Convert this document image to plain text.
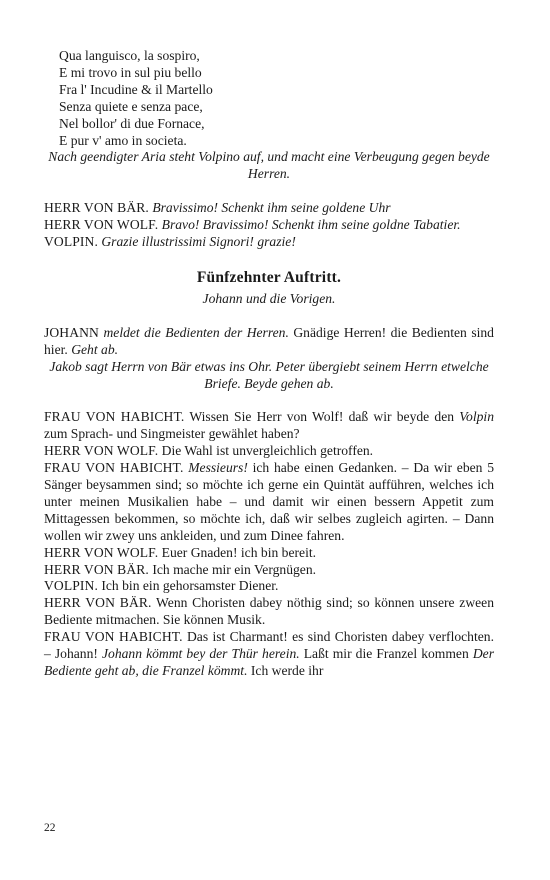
Qua languisco, la sospiro,
E mi trovo in sul piu bello
Fra l' Incudine & il Martello
Senza quiete e senza pace,
Nel bollor' di due Fornace,
E pur v' amo in societa.

Nach geendigter Aria steht Volpino auf, und macht eine Verbeugung gegen beyde Herren.

HERR VON BÄR. Bravissimo! Schenkt ihm seine goldene Uhr

HERR VON WOLF. Bravo! Bravissimo! Schenkt ihm seine goldne Tabatier.

VOLPIN. Grazie illustrissimi Signori! grazie!

Fünfzehnter Auftritt.
Johann und die Vorigen.

JOHANN meldet die Bedienten der Herren. Gnädige Herren! die Bedienten sind hier. Geht ab.

Jakob sagt Herrn von Bär etwas ins Ohr. Peter übergiebt seinem Herrn etwelche Briefe. Beyde gehen ab.

FRAU VON HABICHT. Wissen Sie Herr von Wolf! daß wir beyde den Volpin zum Sprach- und Singmeister gewählet haben?

HERR VON WOLF. Die Wahl ist unvergleichlich getroffen.

FRAU VON HABICHT. Messieurs! ich habe einen Gedanken. – Da wir eben 5 Sänger beysammen sind; so möchte ich gerne ein Quintät aufführen, welches ich unter meinen Musikalien habe – und damit wir einen bessern Appetit zum Mittagessen bekommen, so möchte ich, daß wir selbes zugleich agirten. – Dann wollen wir zwey uns ankleiden, und zum Dinee fahren.

HERR VON WOLF. Euer Gnaden! ich bin bereit.

HERR VON BÄR. Ich mache mir ein Vergnügen.

VOLPIN. Ich bin ein gehorsamster Diener.

HERR VON BÄR. Wenn Choristen dabey nöthig sind; so können unsere zween Bediente mitmachen. Sie können Musik.

FRAU VON HABICHT. Das ist Charmant! es sind Choristen dabey verflochten. – Johann! Johann kömmt bey der Thür herein. Laßt mir die Franzel kommen Der Bediente geht ab, die Franzel kömmt. Ich werde ihr

22
